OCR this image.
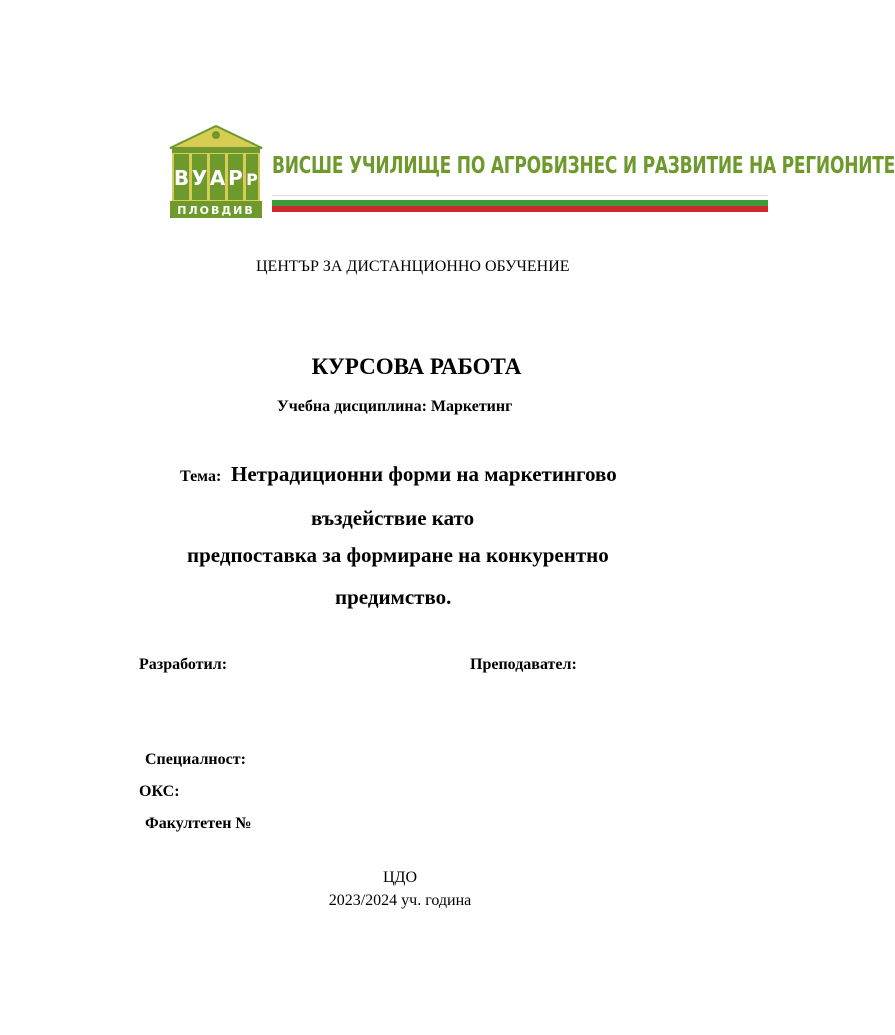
В У А Р Р
ПЛОВДИВ
ВИСШЕ УЧИЛИЩЕ ПО АГРОБИЗНЕС И РАЗВИТИЕ НА РЕГИОНИТЕ
ЦЕНТЪР ЗА ДИСТАНЦИОННО ОБУЧЕНИЕ
КУРСОВА РАБОТА
Учебна дисциплина: Маркетинг
Тема: Нетрадиционни форми на маркетингово
въздействие като
предпоставка за формиране на конкурентно
предимство.
Разработил:	Преподавател:
Специалност:
ОКС:
Факултетен №
ЦДО
2023/2024 уч. година
